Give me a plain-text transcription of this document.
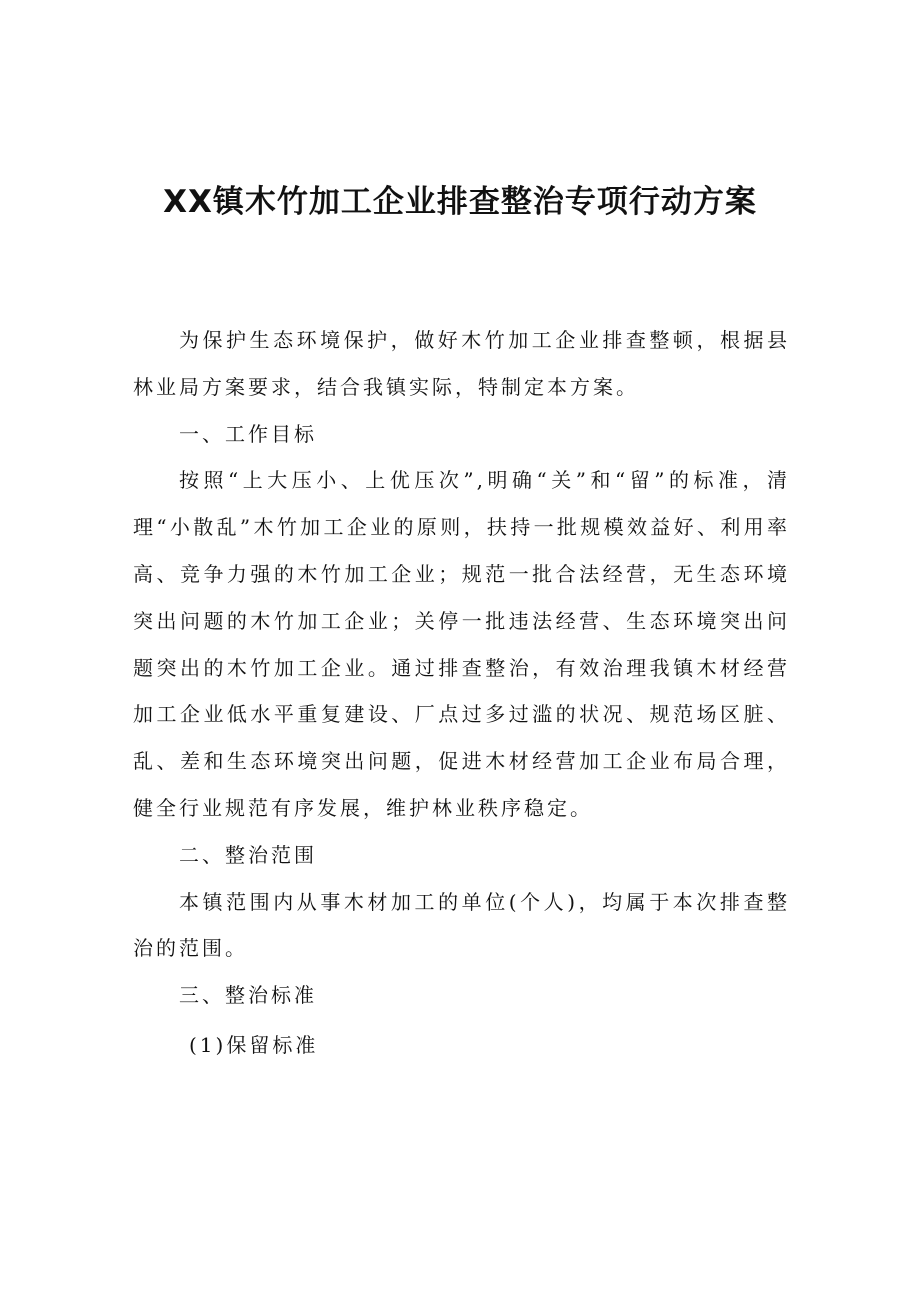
XX镇木竹加工企业排查整治专项行动方案

为保护生态环境保护，做好木竹加工企业排查整顿，根据县林业局方案要求，结合我镇实际，特制定本方案。

一、工作目标

按照“上大压小、上优压次”,明确“关”和“留”的标准，清理“小散乱”木竹加工企业的原则，扶持一批规模效益好、利用率高、竞争力强的木竹加工企业；规范一批合法经营，无生态环境突出问题的木竹加工企业；关停一批违法经营、生态环境突出问题突出的木竹加工企业。通过排查整治，有效治理我镇木材经营加工企业低水平重复建设、厂点过多过滥的状况、规范场区脏、乱、差和生态环境突出问题，促进木材经营加工企业布局合理，健全行业规范有序发展，维护林业秩序稳定。

二、整治范围

本镇范围内从事木材加工的单位(个人)，均属于本次排查整治的范围。

三、整治标准

(1)保留标准
